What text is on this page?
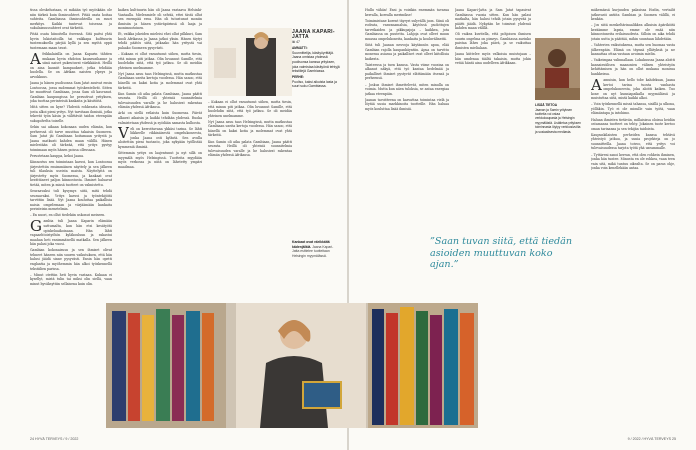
tissa oleskelustaan, ei mikään työ myöskään ole niin tärkeä kuin ihmissuhteet. Pitää osata hoitaa suhteita. Gambiassa ihmissuhteilla on suuri merkitys. Kaikki tuntevat toisensa ja sukulaisuussuhteet ovat tärkeitä.

Pitää osata hiinoitella itseensä. Sitä paitsi yhtä hyvin lukiotaitoilla tai vaikkapa kulttuurin tuntemuksella pärjää kyllä ja sen myötä oppii tuntemaan maan tavat.

Afrikkalaisilla on Jaana Kaparin tähtien mukaan hyvin ehdoton kauneusihanne ja siinä naiset pukeutuvat värikkäästi. Heillä on aina kauniit kampaukset, jotka tehdään huolella. Se on Afrikan naisten ylpeys ja arvokkuus.

Jaana ja hänen puolisonsa Sam Jatat asuivat ensin Lontoossa, jossa molemmat työskentelivät. Sitten he muuttivat Gambiaan, jossa Sam oli kasvanut. Gambian kaupungissa he perustivat yrityksen, joka tuottaa perinteisiä kankaita ja käsitöitä.

Mitä sitten on kyse? Yhdestä rohkeasta ideasta, josta alkoi pieni yritys. Nyt tarvitaan ihmisiä, jotka tekevät työn käsin ja välittävät taidon eteenpäin sukupolvelta toiselle.

Sekin sai aikaan kokonaan uuden elämän, kun perheessä oli tarve muuttaa takaisin Suomeen. Sam Jatat jäi Gambiaan hoitamaan yritystä ja Jaana matkusti kahden maan välillä. Hänen mielestään oli tärkeää, että yritys pystyy toimimaan myös hänen poissa ollessaan.

Perustetaan kauppa, kekoi Jaana.

Kiinnostus sen toimintaan kasvoi, kun Lontoossa järjestettiin ensimmäinen näyttely ja sen jälkeen tuli tilauksia useista maista. Näyttelyitä on järjestetty myös Suomessa, ja kankaat ovat herättäneet paljon kiinnostusta. Ihmiset haluavat tietää, miten ja missä tuotteet on valmistettu.

Seuraavaksi tuli kysymys siitä, mitä tehdä seuraavaksi. Yritys kasvoi ja työntekijöitä tarvittiin lisää. Nyt Jaana kouluttaa paikallisia naisia ompelemaan ja värjäämään kankaita perinteisin menetelmin.

– En nuori, en ollut tiedekiin uskonut meiseen.

Gambia tuli Jaana Kaparin elämään sattumalta, kun hän etsi kesätyötä opiskeluaikoinaan. Hän lähti vapaaehtoistyöhön kyläkouluun ja rakastui maahan heti ensimmäisellä matkalla. Sen jälkeen hän palasi joka vuosi.

Gambian kokonaisuus ja sen ihmiset olivat tehneet häneen niin suuren vaikutuksen, että hän halusi jäädä sinne pysyvästi. Ensin hän opetti englantia ja myöhemmin hän alkoi työskennellä tekstiilien parissa.

– Minut otettiin heti hyvin vastaan. Kukaan ei kysellyt, mistä tulin tai miksi olin siellä, vaan minut hyväksyttiin sellaisena kuin olin.

kaiken kulttuurin hän oli Jaana vastaava Helsinki-Vantaalla. Mielenmiele oli selvää, ettei tästä ollut sen enempää eroa. Hän oli tutustunut moniin ihmisiin ja hänen ystäväpiirinsä oli laaja ja monimuotoinen.

Et, vaikka jokeiden mieleisi ehei ollut pilkkuri, Sam kuoli Afrikassa ja Jaana jatkoi yksin. Hänen täytyi tehdä päätös siitä, jatkaako hän yritystä vai palaako Suomeen pysyvästi.

– Kukaan ei ollut varautunut siihen, mutta tiesin, että minun piti jatkaa. Olin luvannut Samille, että huolehdin siitä, että työ jatkuu. Se oli meidän yhteinen unelmamme.

Nyt Jaana asuu taas Helsingissä, mutta matkustaa Gambiaan useita kertoja vuodessa. Hän sanoo, että hänellä on kaksi kotia ja molemmat ovat yhtä tärkeitä.

Kun Samin oli aika palata Gambiaan, Jaana päätti seurata. Heillä oli yhteisiä suunnitelmia tulevaisuuden varalle ja he halusivat rakentaa elämän yhdessä Afrikassa.

Arki on siellä erilaista kuin Suomessa. Päivät alkavat aikaisin ja kaikki tehdään yhdessä. Ruoka valmistetaan yhdessä ja syödään samasta kulhosta.

Veli on kerrottavana ykkäsi tarina. Se lähti liikkeelle rikkinäisestä ompelukoneesta, jonka Jaana osti kylästä. Sen avulla aloitettiin pieni tuotanto, joka nykyään työllistää kymmeniä ihmisiä.

Sittemmin yritys on laajentunut ja nyt sillä on myymälä myös Helsingissä. Tuotteita myydään myös verkossa ja niitä on lähetetty ympäri maailmaa.

– Kukaan ei ollut varautunut siihen, mutta tiesin, että minun piti jatkaa. Olin luvannut Samille, että huolehdin siitä, että työ jatkuu. Se oli meidän yhteinen unelmamme.

Nyt Jaana asuu taas Helsingissä, mutta matkustaa Gambiaan useita kertoja vuodessa. Hän sanoo, että hänellä on kaksi kotia ja molemmat ovat yhtä tärkeitä.

Kun Samin oli aika palata Gambiaan, Jaana päätti seurata. Heillä oli yhteisiä suunnitelmia tulevaisuuden varalle ja he halusivat rakentaa elämän yhdessä Afrikassa.

JAANA KAPARI-JATTA
iki 47
AMMATTI:
Suunnittelija, käsityöyrittäjä. Jaana omistaa yhdessä puolisonsa kanssa yrityksen, joka valmistaa käsityönä tehtyjä tekstiilejä Gambiassa.
PERHE:
Puoliso, kaksi aikuista lasta ja suuri suku Gambiassa.
Kankaat ovat värikkäitä kädenjälkiä. Jaana Kapari-Jatta esittelee tuotteitaan Helsingin myymälässä.

Hullu vähän! Ensi ja voisikin enemmän tavaraa kerralla, korealla merimikse!

Toimimistane korent täyryri sulyvällä joon. Siinä oli rodrata, vanvanamalsia, käytössä pudottujen tarveikaiden ja pikkupajoja – kaikkea, jota Gambiassa on puutetta. Lahjoja ovat olleet muun muassa ompelukoneita, kankaita ja kouluvälineitä.

Siitä tuli Jaanan neuvoja käytännön apua, elää Gambian rajolla kaupankäyntiin. Apua on tarvittu monessa asiassa ja paikalliset ovat olleet kiitollisia kaikesta.

Taisteessa ja tuen kanssa. Vasta viime vuosina on alkanut näkyä, että työ kantaa hedelmää ja paikalliset ihmiset pystyvät elättämään itsensä ja perheensä.

– Joskus ihmiset ihmettelevät, miten minulla on voimia. Mutta kun näen tuloksia, se antaa energiaa jatkaa eteenpäin.

Jaanan tavoitteena on kasvattaa toimintaa vielä ja löytää uusia markkinoita tuotteille. Hän haluaa myös kouluttaa lisää ihmisiä.

Jaana Kapari-Jatta ja Sam Jatat tapasivat Gambiassa vuosia sitten. Kun hän palasi matkalta, hän halusi tehdä jotain pysyvää ja päätti jäädä. Nykyään he toimivat yhdessä kahden maan välillä.

Oli vaikea kuvitella, että pohjoisen ihmisen suurin ongelma on pimeys. Gambiassa aurinko paistaa lähes joka päivä, ja se vaikuttaa ihmisten mielialaan.

Jaana kiittelee myös valkoisia muistojaan – hän umdenaa täältä takaisin, mutta jokin vetää häntä aina uudelleen Afrikkaan.

LISÄÄ TIETOA
Jaanan ja Samin yrityksen tuotteita voi ostaa verkkokaupasta ja Helsingin myymälästä. Lisätietoa yrityksen toiminnasta löytyy verkkosivuilta ja sosiaalisesta mediasta.
”Saan tuvan siitä, että tiedän asioiden muuttuvan koko ajan.”

mäkemässä kurjuuden palasissa Hodin, vertailit jatkuvasti antiita Gambian ja Suomen välillä, ei kenkän.

– Jos siitä menkeltärinaalikkea alkuisin äpäriköitä keräämme lapsia, emme ole enää niin kiinnostuneita erilaisuudesta. Silloin on aika tehdä jotain uutta ja päättää, mihin suuntaan lähdetään.

– Vahterien vaikutuksena, mutta sen huomaa vasta jälkeenpäin. Elämä on täynnä yllätyksiä ja ne kannattaa ottaa vastaan avoimin mielin.

– Vaikeimpaa valinnallaan. Lokakuussa Jaana aloitti kansainvälisen maanosien välisen yhteistyön kehittämisen ja hän on ollut mukana monissa hankkeissa.

Aamuisin, kun hello tobe kahdeksan, Jaana kertoi tarina tuosta vanhasta ompelukoneesta, joka aloitti kaiken. Tuo kone on nyt kunniapaikalla myymälässä ja muistuttaa siitä, mistä kaikki alkoi.

– Voin työskennellä missä tahansa, sisällä ja ulkona, yölläkin. Työ ei ole minulle vain työtä, vaan elämäntapa ja intohimo.

Haluan ihmisten tietävän, millaisissa oloissa heidän ostamansa tuotteet on tehty. Jokainen tuote kertoo oman tarinansa ja sen tekijän taidoista.

Kaupunkilaisten perheiden kanssa tehtävä yhteistyö jatkuu, ja uusia projekteja on jo suunnitteilla. Jaana toivoo, että yritys voi tulevaisuudessa tarjota työtä yhä useammalle.

– Tyttäreni sanoi kerran, että olen rohkein ihminen, jonka hän tuntee. Minusta en ole rohkea, vaan teen vain sitä, mikä tuntuu oikealta. Se on paras ohje, jonka voin kenellekään antaa.

24 HYVÄ TERVEYS / 9 / 2022	9 / 2022 / HYVÄ TERVEYS 25
